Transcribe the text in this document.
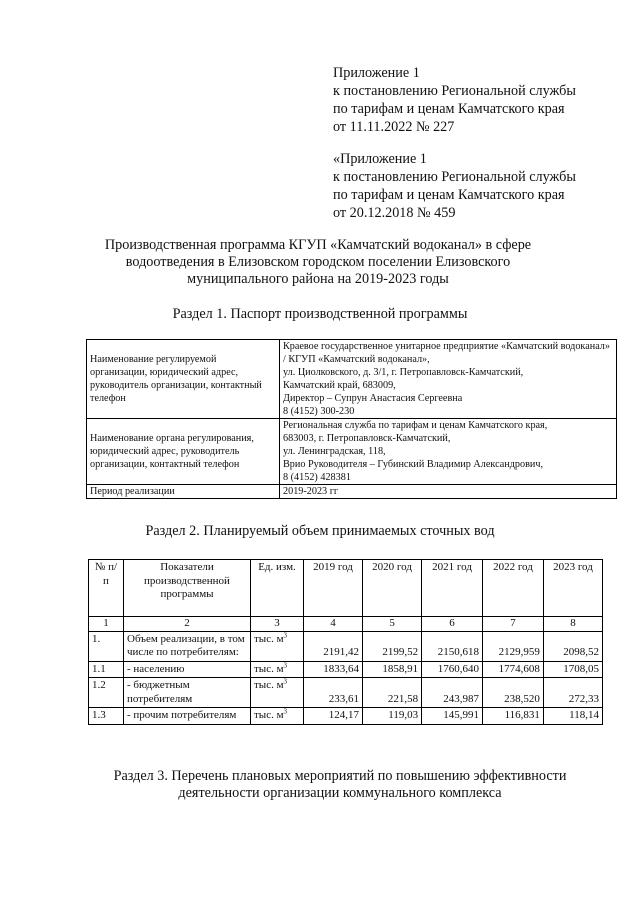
Приложение 1
к постановлению Региональной службы
по тарифам и ценам Камчатского края
от 11.11.2022 № 227
«Приложение 1
к постановлению Региональной службы
по тарифам и ценам Камчатского края
от 20.12.2018 № 459
Производственная программа КГУП «Камчатский водоканал» в сфере водоотведения в Елизовском городском поселении Елизовского муниципального района на 2019-2023 годы
Раздел 1. Паспорт производственной программы
Наименование регулируемой организации, юридический адрес, руководитель организации, контактный телефон	Краевое государственное унитарное предприятие «Камчатский водоканал» / КГУП «Камчатский водоканал»,
ул. Циолковского, д. 3/1, г. Петропавловск-Камчатский,
Камчатский край, 683009,
Директор – Супрун Анастасия Сергеевна
8 (4152) 300-230

Наименование органа регулирования, юридический адрес, руководитель организации, контактный телефон	Региональная служба по тарифам и ценам Камчатского края,
683003, г. Петропавловск-Камчатский,
ул. Ленинградская, 118,
Врио Руководителя – Губинский Владимир Александрович,
8 (4152) 428381

Период реализации	2019-2023 гг
Раздел 2. Планируемый объем принимаемых сточных вод
№ п/п	Показатели производственной программы	Ед. изм.	2019 год	2020 год	2021 год	2022 год	2023 год
1	2	3	4	5	6	7	8
1.	Объем реализации, в том числе по потребителям:	тыс. $м^3$	2191,42	2199,52	2150,618	2129,959	2098,52
1.1	- населению	тыс. $м^3$	1833,64	1858,91	1760,640	1774,608	1708,05
1.2	- бюджетным потребителям	тыс. $м^3$	233,61	221,58	243,987	238,520	272,33
1.3	- прочим потребителям	тыс. $м^3$	124,17	119,03	145,991	116,831	118,14
Раздел 3. Перечень плановых мероприятий по повышению эффективности деятельности организации коммунального комплекса
